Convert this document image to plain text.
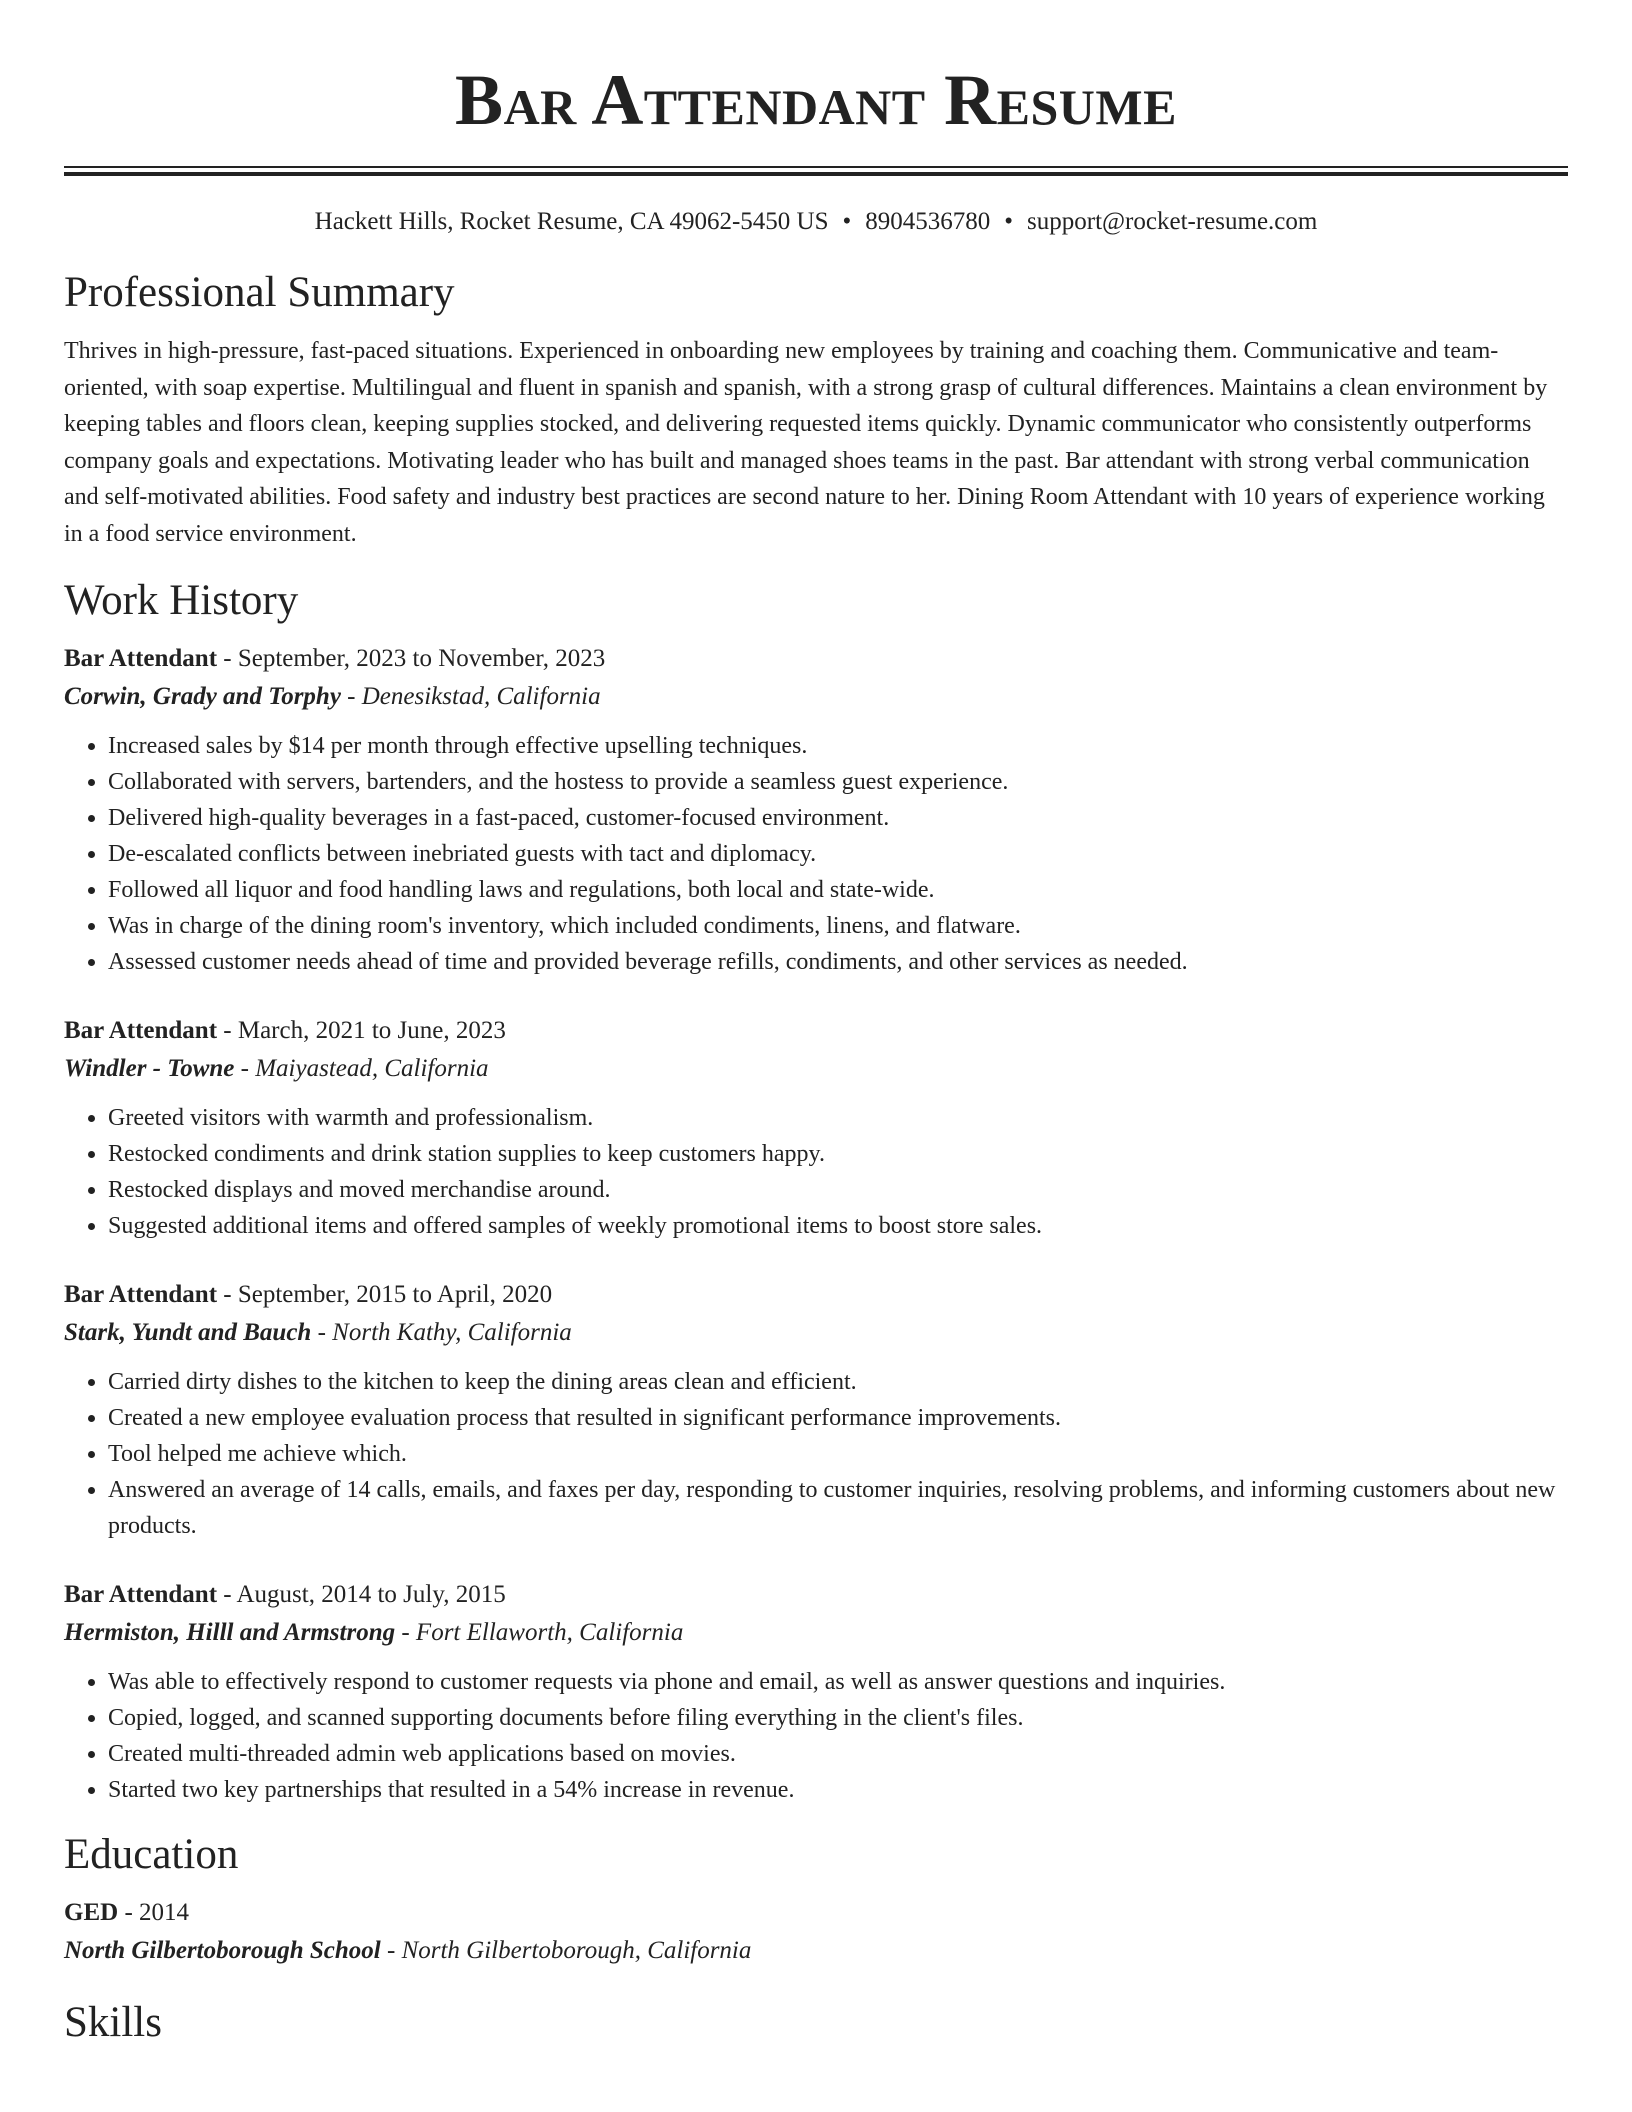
Bar Attendant Resume
Hackett Hills, Rocket Resume, CA 49062-5450 US • 8904536780 • support@rocket-resume.com
Professional Summary
Thrives in high-pressure, fast-paced situations. Experienced in onboarding new employees by training and coaching them. Communicative and team-oriented, with soap expertise. Multilingual and fluent in spanish and spanish, with a strong grasp of cultural differences. Maintains a clean environment by keeping tables and floors clean, keeping supplies stocked, and delivering requested items quickly. Dynamic communicator who consistently outperforms company goals and expectations. Motivating leader who has built and managed shoes teams in the past. Bar attendant with strong verbal communication and self-motivated abilities. Food safety and industry best practices are second nature to her. Dining Room Attendant with 10 years of experience working in a food service environment.
Work History
Bar Attendant - September, 2023 to November, 2023
Corwin, Grady and Torphy - Denesikstad, California
• Increased sales by $14 per month through effective upselling techniques.
• Collaborated with servers, bartenders, and the hostess to provide a seamless guest experience.
• Delivered high-quality beverages in a fast-paced, customer-focused environment.
• De-escalated conflicts between inebriated guests with tact and diplomacy.
• Followed all liquor and food handling laws and regulations, both local and state-wide.
• Was in charge of the dining room's inventory, which included condiments, linens, and flatware.
• Assessed customer needs ahead of time and provided beverage refills, condiments, and other services as needed.
Bar Attendant - March, 2021 to June, 2023
Windler - Towne - Maiyastead, California
• Greeted visitors with warmth and professionalism.
• Restocked condiments and drink station supplies to keep customers happy.
• Restocked displays and moved merchandise around.
• Suggested additional items and offered samples of weekly promotional items to boost store sales.
Bar Attendant - September, 2015 to April, 2020
Stark, Yundt and Bauch - North Kathy, California
• Carried dirty dishes to the kitchen to keep the dining areas clean and efficient.
• Created a new employee evaluation process that resulted in significant performance improvements.
• Tool helped me achieve which.
• Answered an average of 14 calls, emails, and faxes per day, responding to customer inquiries, resolving problems, and informing customers about new products.
Bar Attendant - August, 2014 to July, 2015
Hermiston, Hilll and Armstrong - Fort Ellaworth, California
• Was able to effectively respond to customer requests via phone and email, as well as answer questions and inquiries.
• Copied, logged, and scanned supporting documents before filing everything in the client's files.
• Created multi-threaded admin web applications based on movies.
• Started two key partnerships that resulted in a 54% increase in revenue.
Education
GED - 2014
North Gilbertoborough School - North Gilbertoborough, California
Skills
